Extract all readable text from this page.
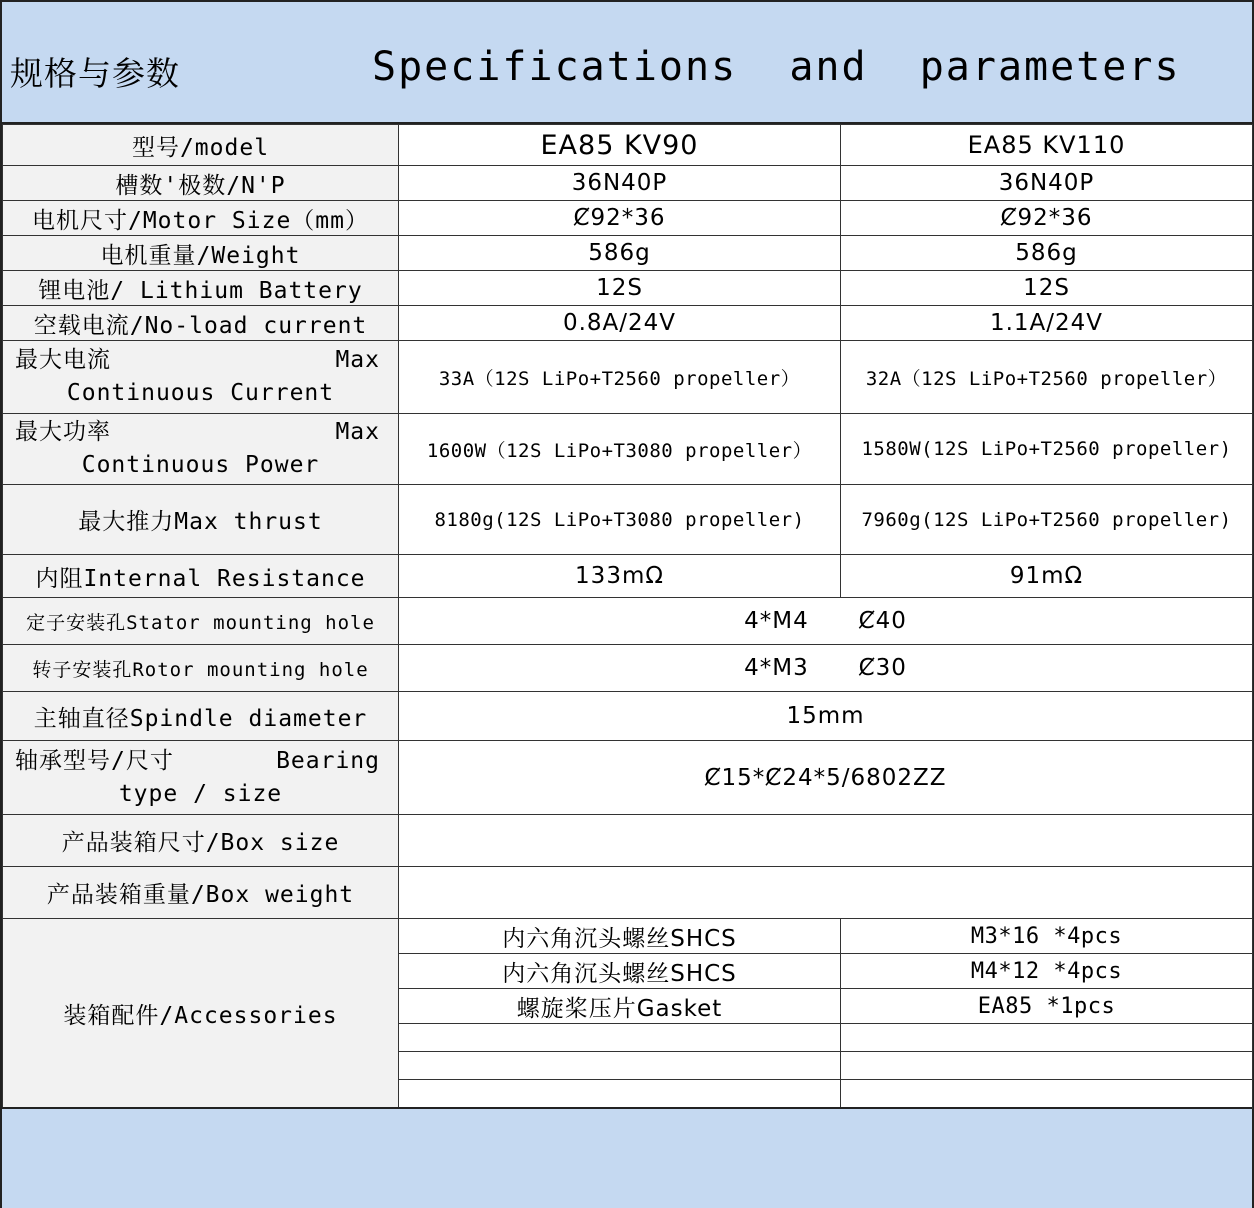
规格与参数	Specifications  and  parameters
型号/model	EA85 KV90	EA85 KV110
槽数'极数/N'P	36N40P	36N40P
电机尺寸/Motor Size（mm）	Ȼ92*36	Ȼ92*36
电机重量/Weight	586g	586g
锂电池/ Lithium Battery	12S	12S
空载电流/No-load current	0.8A/24V	1.1A/24V

最大电流 Max
Continuous Current	33A（12S LiPo+T2560 propeller）	32A（12S LiPo+T2560 propeller）

最大功率 Max
Continuous Power	1600W（12S LiPo+T3080 propeller）	1580W(12S LiPo+T2560 propeller)
最大推力Max thrust	8180g(12S LiPo+T3080 propeller)	7960g(12S LiPo+T2560 propeller)
内阻Internal Resistance	133mΩ	91mΩ
定子安装孔Stator mounting hole	4*M4      Ȼ40	
转子安装孔Rotor mounting hole	4*M3      Ȼ30	
主轴直径Spindle diameter	15mm	

轴承型号/尺寸 Bearing
type / size	Ȼ15*Ȼ24*5/6802ZZ	
产品装箱尺寸/Box size		
产品装箱重量/Box weight		
装箱配件/Accessories	内六角沉头螺丝SHCS	M3*16 *4pcs
	内六角沉头螺丝SHCS	M4*12 *4pcs
	螺旋桨压片Gasket	EA85 *1pcs
